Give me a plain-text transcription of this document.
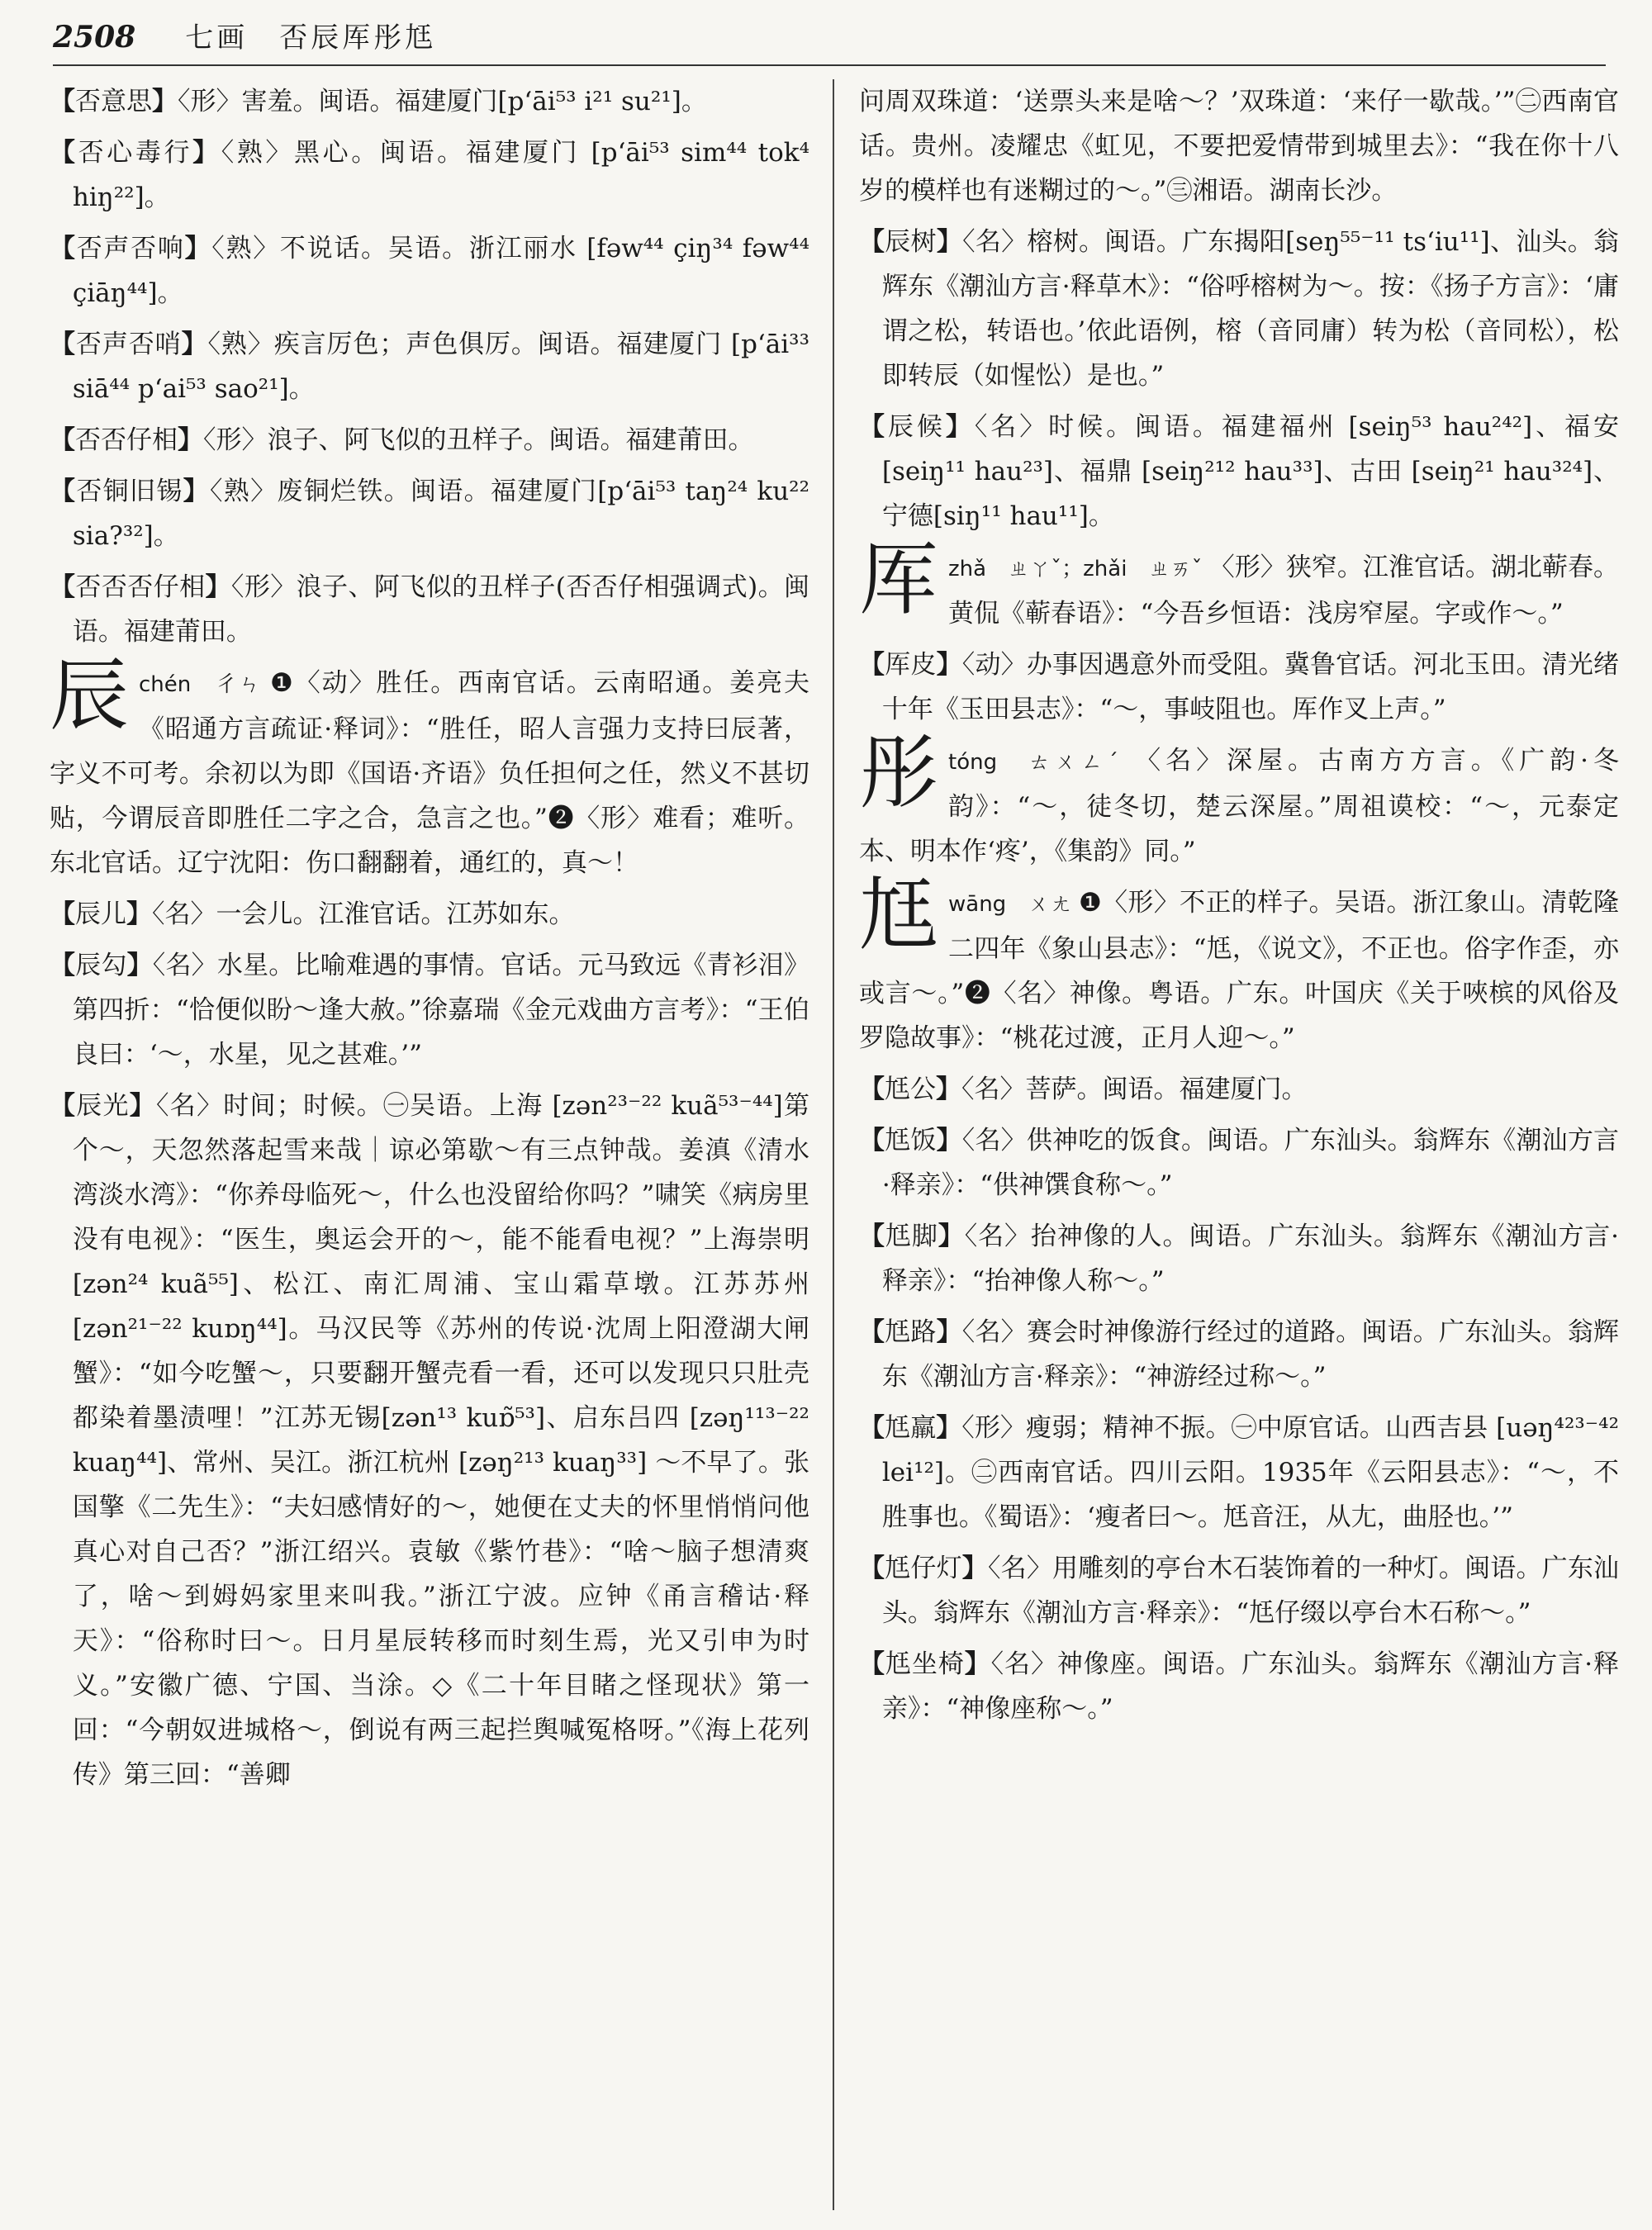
2508 七画　否辰厍彤尪
【否意思】〈形〉害羞。闽语。福建厦门[p‘āi⁵³ i²¹ su²¹]。
【否心毒行】〈熟〉黑心。闽语。福建厦门 [p‘āi⁵³ sim⁴⁴ tok⁴ hiŋ²²]。
【否声否响】〈熟〉不说话。吴语。浙江丽水 [fəw⁴⁴ çiŋ³⁴ fəw⁴⁴ çiāŋ⁴⁴]。
【否声否哨】〈熟〉疾言厉色；声色俱厉。闽语。福建厦门 [p‘āi³³ siā⁴⁴ p‘ai⁵³ sao²¹]。
【否否仔相】〈形〉浪子、阿飞似的丑样子。闽语。福建莆田。
【否铜旧锡】〈熟〉废铜烂铁。闽语。福建厦门[p‘āi⁵³ taŋ²⁴ ku²² sia?³²]。
【否否否仔相】〈形〉浪子、阿飞似的丑样子(否否仔相强调式)。闽语。福建莆田。
辰chén　彳ㄣ ❶〈动〉胜任。西南官话。云南昭通。姜亮夫《昭通方言疏证·释词》：“胜任，昭人言强力支持曰辰著，字义不可考。余初以为即《国语·齐语》负任担何之任，然义不甚切贴，今谓辰音即胜任二字之合，急言之也。”❷〈形〉难看；难听。东北官话。辽宁沈阳：伤口翻翻着，通红的，真～！
【辰儿】〈名〉一会儿。江淮官话。江苏如东。
【辰勾】〈名〉水星。比喻难遇的事情。官话。元马致远《青衫泪》第四折：“恰便似盼～逢大赦。”徐嘉瑞《金元戏曲方言考》：“王伯良曰：‘～，水星，见之甚难。’”
【辰光】〈名〉时间；时候。㊀吴语。上海 [zən²³⁻²² kuã⁵³⁻⁴⁴]第个～，天忽然落起雪来哉｜谅必第歇～有三点钟哉。姜滇《清水湾淡水湾》：“你养母临死～，什么也没留给你吗？”啸笑《病房里没有电视》：“医生，奥运会开的～，能不能看电视？”上海崇明[zən²⁴ kuã⁵⁵]、松江、南汇周浦、宝山霜草墩。江苏苏州 [zən²¹⁻²² kuɒŋ⁴⁴]。马汉民等《苏州的传说·沈周上阳澄湖大闸蟹》：“如今吃蟹～，只要翻开蟹壳看一看，还可以发现只只肚壳都染着墨渍哩！”江苏无锡[zən¹³ kuɒ̃⁵³]、启东吕四 [zəŋ¹¹³⁻²² kuaŋ⁴⁴]、常州、吴江。浙江杭州 [zəŋ²¹³ kuaŋ³³] ～不早了。张国擎《二先生》：“夫妇感情好的～，她便在丈夫的怀里悄悄问他真心对自己否？”浙江绍兴。袁敏《紫竹巷》：“啥～脑子想清爽了，啥～到姆妈家里来叫我。”浙江宁波。应钟《甬言稽诂·释天》：“俗称时曰～。日月星辰转移而时刻生焉，光又引申为时义。”安徽广德、宁国、当涂。◇《二十年目睹之怪现状》第一回：“今朝奴进城格～，倒说有两三起拦舆喊冤格呀。”《海上花列传》第三回：“善卿
问周双珠道：‘送票头来是啥～？’双珠道：‘来仔一歇哉。’”㊁西南官话。贵州。凌耀忠《虹见，不要把爱情带到城里去》：“我在你十八岁的模样也有迷糊过的～。”㊂湘语。湖南长沙。
【辰树】〈名〉榕树。闽语。广东揭阳[seŋ⁵⁵⁻¹¹ ts‘iu¹¹]、汕头。翁辉东《潮汕方言·释草木》：“俗呼榕树为～。按：《扬子方言》：‘庸谓之松，转语也。’依此语例，榕（音同庸）转为松（音同松），松即转辰（如惺忪）是也。”
【辰候】〈名〉时候。闽语。福建福州 [seiŋ⁵³ hau²⁴²]、福安 [seiŋ¹¹ hau²³]、福鼎 [seiŋ²¹² hau³³]、古田 [seiŋ²¹ hau³²⁴]、宁德[siŋ¹¹ hau¹¹]。
厍zhǎ　ㄓㄚˇ；zhǎi　ㄓㄞˇ 〈形〉狭窄。江淮官话。湖北蕲春。黄侃《蕲春语》：“今吾乡恒语：浅房窄屋。字或作～。”
【厍皮】〈动〉办事因遇意外而受阻。冀鲁官话。河北玉田。清光绪十年《玉田县志》：“～，事岐阻也。厍作叉上声。”
彤tóng　ㄊㄨㄥˊ 〈名〉深屋。古南方方言。《广韵·冬韵》：“～，徒冬切，楚云深屋。”周祖谟校：“～，元泰定本、明本作‘疼’，《集韵》同。”
尪wāng　ㄨㄤ ❶〈形〉不正的样子。吴语。浙江象山。清乾隆二四年《象山县志》：“尪，《说文》，不正也。俗字作歪，亦或言～。”❷〈名〉神像。粤语。广东。叶国庆《关于唊槟的风俗及罗隐故事》：“桃花过渡，正月人迎～。”
【尪公】〈名〉菩萨。闽语。福建厦门。
【尪饭】〈名〉供神吃的饭食。闽语。广东汕头。翁辉东《潮汕方言·释亲》：“供神馔食称～。”
【尪脚】〈名〉抬神像的人。闽语。广东汕头。翁辉东《潮汕方言·释亲》：“抬神像人称～。”
【尪路】〈名〉赛会时神像游行经过的道路。闽语。广东汕头。翁辉东《潮汕方言·释亲》：“神游经过称～。”
【尪羸】〈形〉瘦弱；精神不振。㊀中原官话。山西吉县 [uəŋ⁴²³⁻⁴² lei¹²]。㊁西南官话。四川云阳。1935年《云阳县志》：“～，不胜事也。《蜀语》：‘瘦者曰～。尪音汪，从尢，曲胫也。’”
【尪仔灯】〈名〉用雕刻的亭台木石装饰着的一种灯。闽语。广东汕头。翁辉东《潮汕方言·释亲》：“尪仔缀以亭台木石称～。”
【尪坐椅】〈名〉神像座。闽语。广东汕头。翁辉东《潮汕方言·释亲》：“神像座称～。”
